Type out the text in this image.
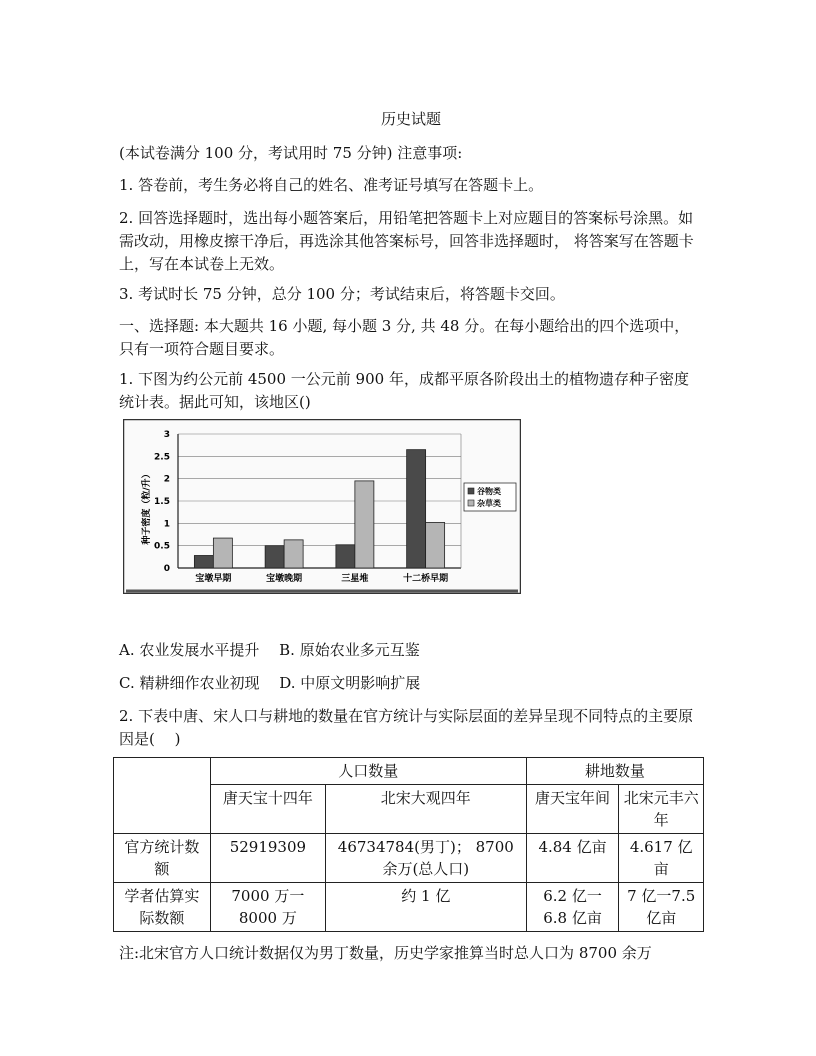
历史试题
(本试卷满分 100 分，考试用时 75 分钟) 注意事项:
1. 答卷前，考生务必将自己的姓名、准考证号填写在答题卡上。
2. 回答选择题时，选出每小题答案后，用铅笔把答题卡上对应题目的答案标号涂黑。如需改动，用橡皮擦干净后，再选涂其他答案标号，回答非选择题时， 将答案写在答题卡上，写在本试卷上无效。
3. 考试时长 75 分钟，总分 100 分；考试结束后，将答题卡交回。
一、选择题: 本大题共 16 小题, 每小题 3 分, 共 48 分。在每小题给出的四个选项中，只有一项符合题目要求。
1. 下图为约公元前 4500 一公元前 900 年，成都平原各阶段出土的植物遗存种子密度统计表。据此可知，该地区()
A. 农业发展水平提升　 B. 原始农业多元互鉴
C. 精耕细作农业初现　 D. 中原文明影响扩展
2. 下表中唐、宋人口与耕地的数量在官方统计与实际层面的差异呈现不同特点的主要原因是(　 )
注:北宋官方人口统计数据仅为男丁数量，历史学家推算当时总人口为 8700 余万
0
0.5
1
1.5
2
2.5
3
宝墩早期	宝墩晚期	三星堆	十二桥早期
种子密度（粒/升）	谷物类
杂草类
	人口数量		耕地数量	
	唐天宝十四年	北宋大观四年	唐天宝年间	北宋元丰六年
官方统计数额	52919309	46734784(男丁)； 8700 余万(总人口)	4.84 亿亩	4.617 亿亩
学者估算实际数额	7000 万一 8000 万	约 1 亿	6.2 亿一 6.8 亿亩	7 亿一7.5 亿亩
